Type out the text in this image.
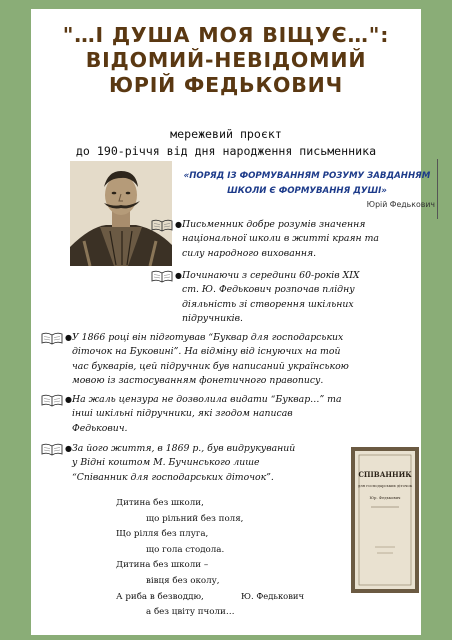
"…І ДУША МОЯ ВІЩУЄ…":
ВІДОМИЙ-НЕВІДОМИЙ
ЮРІЙ ФЕДЬКОВИЧ
мережевий проєкт
до 190-річчя від дня народження письменника
«ПОРЯД ІЗ ФОРМУВАННЯМ РОЗУМУ ЗАВДАННЯМ
ШКОЛИ Є ФОРМУВАННЯ ДУШІ»
Юрій Федькович
● Письменник добре розумів значення
національної школи в житті краян та
силу народного виховання.
● Починаючи з середини 60-років XIX
ст. Ю. Федькович розпочав плідну
діяльність зі створення шкільних
підручників.
● У 1866 році він підготував “Буквар для господарських
діточок на Буковині”. На відміну від існуючих на той
час букварів, цей підручник був написаний українською
мовою із застосуванням фонетичного правопису.
● На жаль цензура не дозволила видати “Буквар…” та
інші шкільні підручники, які згодом написав
Федькович.
● За його життя, в 1869 р., був видрукуваний
у Відні коштом М. Бучинського лише
“Співанник для господарських діточок”.	СПІВАННИК
для господарських діточок
Юр. Федькович
Дитина без школи,
що рільний без поля,
Що рілля без плуга,
що гола стодола.
Дитина без школи –
вівця без околу,
А риба в безводдю,
а без цвіту пчоли…
Ю. Федькович
